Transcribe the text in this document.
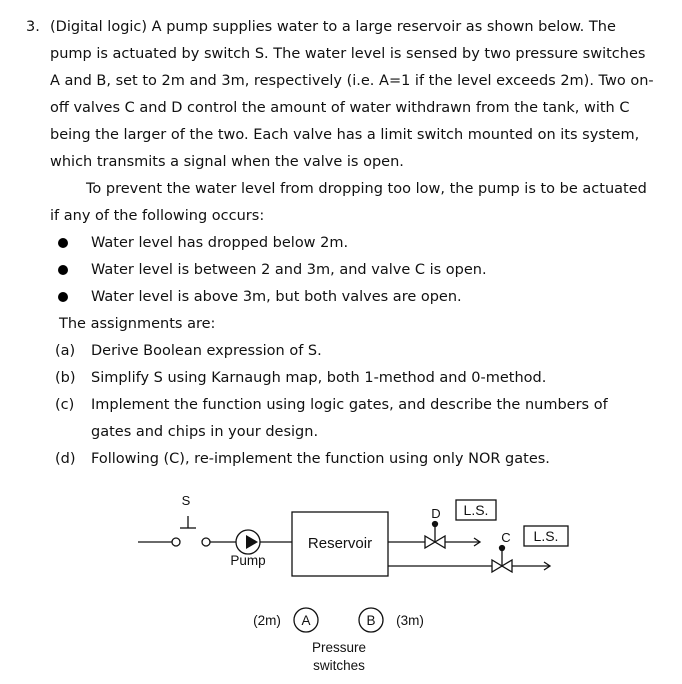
3. (Digital logic) A pump supplies water to a large reservoir as shown below. The
pump is actuated by switch S. The water level is sensed by two pressure switches
A and B, set to 2m and 3m, respectively (i.e. A=1 if the level exceeds 2m). Two on-
off valves C and D control the amount of water withdrawn from the tank, with C
being the larger of the two. Each valve has a limit switch mounted on its system,
which transmits a signal when the valve is open.
To prevent the water level from dropping too low, the pump is to be actuated
if any of the following occurs:
Water level has dropped below 2m.
Water level is between 2 and 3m, and valve C is open.
Water level is above 3m, but both valves are open.
The assignments are:
(a) Derive Boolean expression of S.
(b) Simplify S using Karnaugh map, both 1-method and 0-method.
(c) Implement the function using logic gates, and describe the numbers of
gates and chips in your design.
(d) Following (C), re-implement the function using only NOR gates.
S
Pump
Reservoir
D L.S.
C L.S.
(2m) A	B (3m)
Pressure
switches
